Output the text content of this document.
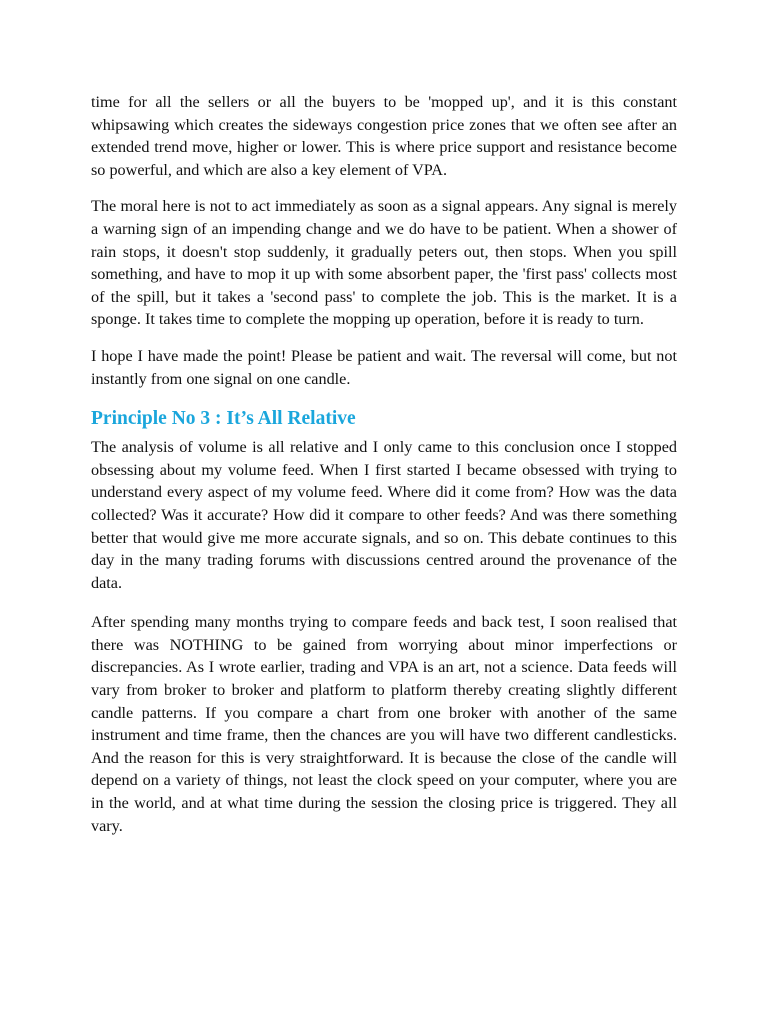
time for all the sellers or all the buyers to be 'mopped up', and it is this constant whipsawing which creates the sideways congestion price zones that we often see after an extended trend move, higher or lower. This is where price support and resistance become so powerful, and which are also a key element of VPA.

The moral here is not to act immediately as soon as a signal appears. Any signal is merely a warning sign of an impending change and we do have to be patient. When a shower of rain stops, it doesn't stop suddenly, it gradually peters out, then stops. When you spill something, and have to mop it up with some absorbent paper, the 'first pass' collects most of the spill, but it takes a 'second pass' to complete the job. This is the market. It is a sponge. It takes time to complete the mopping up operation, before it is ready to turn.

I hope I have made the point! Please be patient and wait. The reversal will come, but not instantly from one signal on one candle.

Principle No 3 : It’s All Relative

The analysis of volume is all relative and I only came to this conclusion once I stopped obsessing about my volume feed. When I first started I became obsessed with trying to understand every aspect of my volume feed. Where did it come from? How was the data collected? Was it accurate? How did it compare to other feeds? And was there something better that would give me more accurate signals, and so on. This debate continues to this day in the many trading forums with discussions centred around the provenance of the data.

After spending many months trying to compare feeds and back test, I soon realised that there was NOTHING to be gained from worrying about minor imperfections or discrepancies. As I wrote earlier, trading and VPA is an art, not a science. Data feeds will vary from broker to broker and platform to platform thereby creating slightly different candle patterns. If you compare a chart from one broker with another of the same instrument and time frame, then the chances are you will have two different candlesticks. And the reason for this is very straightforward. It is because the close of the candle will depend on a variety of things, not least the clock speed on your computer, where you are in the world, and at what time during the session the closing price is triggered. They all vary.
